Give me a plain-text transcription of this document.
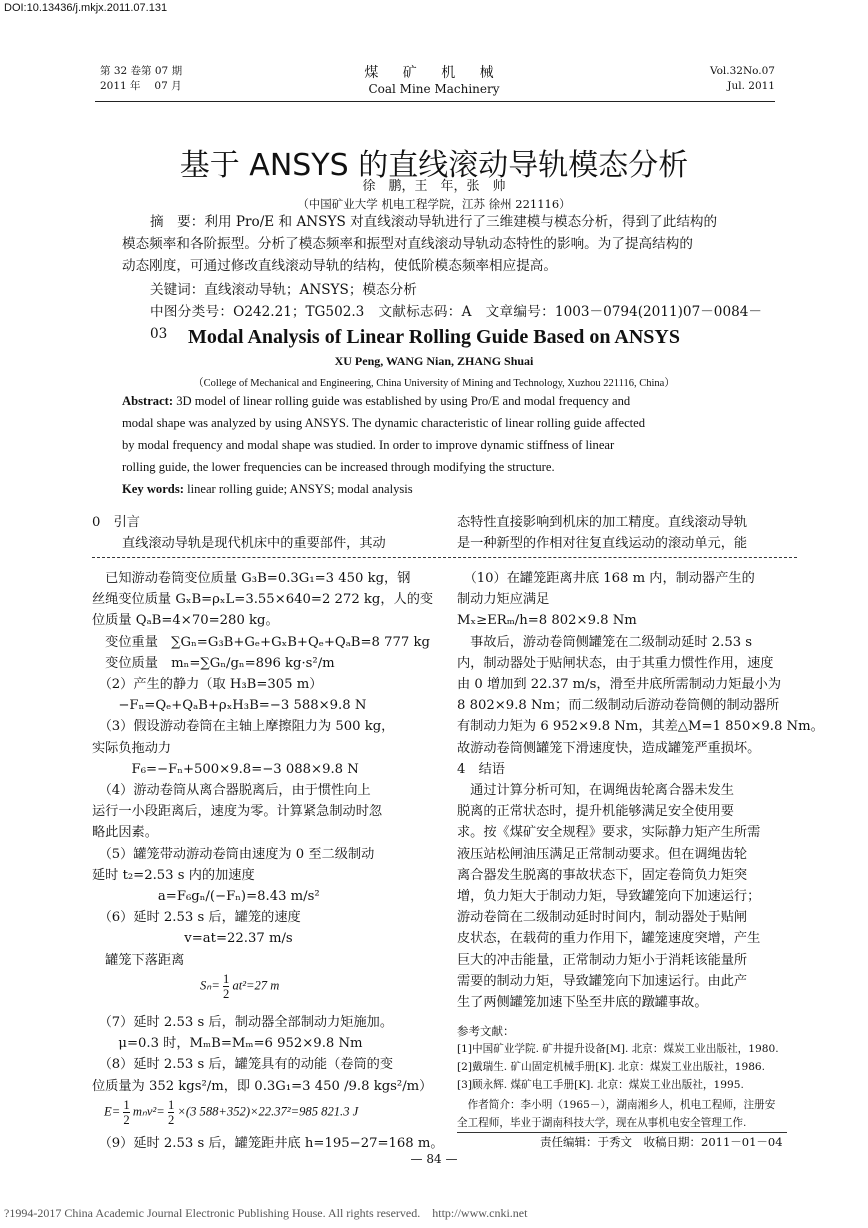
DOI:10.13436/j.mkjx.2011.07.131
第 32 卷第 07 期
2011 年　 07 月
煤 矿 机 械
Coal Mine Machinery
Vol.32No.07
Jul. 2011
基于 ANSYS 的直线滚动导轨模态分析
徐　鹏，王　年，张　帅
（中国矿业大学 机电工程学院，江苏 徐州 221116）
摘　要：利用 Pro/E 和 ANSYS 对直线滚动导轨进行了三维建模与模态分析，得到了此结构的
模态频率和各阶振型。分析了模态频率和振型对直线滚动导轨动态特性的影响。为了提高结构的
动态刚度，可通过修改直线滚动导轨的结构，使低阶模态频率相应提高。
关键词：直线滚动导轨；ANSYS；模态分析
中图分类号：O242.21；TG502.3　文献标志码：A　文章编号：1003－0794(2011)07－0084－03	Modal Analysis of Linear Rolling Guide Based on ANSYS
XU Peng, WANG Nian, ZHANG Shuai
（College of Mechanical and Engineering, China University of Mining and Technology, Xuzhou 221116, China）
Abstract: 3D model of linear rolling guide was established by using Pro/E and modal frequency and
modal shape was analyzed by using ANSYS. The dynamic characteristic of linear rolling guide affected
by modal frequency and modal shape was studied. In order to improve dynamic stiffness of linear
rolling guide, the lower frequencies can be increased through modifying the structure.
Key words: linear rolling guide; ANSYS; modal analysis
0　引言
直线滚动导轨是现代机床中的重要部件，其动
态特性直接影响到机床的加工精度。直线滚动导轨
是一种新型的作相对往复直线运动的滚动单元，能
　已知游动卷筒变位质量 G₃B=0.3G₁=3 450 kg，钢
丝绳变位质量 GₓB=ρₓL=3.55×640=2 272 kg，人的变
位质量 QₐB=4×70=280 kg。
　变位重量　∑Gₙ=G₃B+Gₑ+GₓB+Qₑ+QₐB=8 777 kg
　变位质量　mₙ=∑Gₙ/gₙ=896 kg·s²/m
　（2）产生的静力（取 H₃B=305 m）
　　−Fₙ=Qₑ+QₐB+ρₓH₃B=−3 588×9.8 N
　（3）假设游动卷筒在主轴上摩擦阻力为 500 kg，
实际负拖动力
　　　F₆=−Fₙ+500×9.8=−3 088×9.8 N
　（4）游动卷筒从离合器脱离后，由于惯性向上
运行一小段距离后，速度为零。计算紧急制动时忽
略此因素。
　（5）罐笼带动游动卷筒由速度为 0 至二级制动
延时 t₂=2.53 s 内的加速度
　　　　　a=F₆gₙ/(−Fₙ)=8.43 m/s²
　（6）延时 2.53 s 后，罐笼的速度
　　　　　　　v=at=22.37 m/s
　罐笼下落距离
$S_n= \frac{1}{2} at^2=27$ m
　（7）延时 2.53 s 后，制动器全部制动力矩施加。
　　μ=0.3 时，MₘB=Mₘ=6 952×9.8 Nm
　（8）延时 2.53 s 后，罐笼具有的动能（卷筒的变
位质量为 352 kgs²/m，即 0.3G₁=3 450 /9.8 kgs²/m）
$E= \frac{1}{2} m_nv^2= \frac{1}{2} \times(3$ 588+352)×22.37²=985 821.3 J
　（9）延时 2.53 s 后，罐笼距井底 h=195−27=168 m。
　（10）在罐笼距离井底 168 m 内，制动器产生的
制动力矩应满足
Mₓ≥ERₘ/h=8 802×9.8 Nm
　事故后，游动卷筒侧罐笼在二级制动延时 2.53 s
内，制动器处于贴闸状态，由于其重力惯性作用，速度
由 0 增加到 22.37 m/s，滑至井底所需制动力矩最小为
8 802×9.8 Nm；而二级制动后游动卷筒侧的制动器所
有制动力矩为 6 952×9.8 Nm，其差△M=1 850×9.8 Nm。
故游动卷筒侧罐笼下滑速度快，造成罐笼严重损坏。
4　结语
　通过计算分析可知，在调绳齿轮离合器未发生
脱离的正常状态时，提升机能够满足安全使用要
求。按《煤矿安全规程》要求，实际静力矩产生所需
液压站松闸油压满足正常制动要求。但在调绳齿轮
离合器发生脱离的事故状态下，固定卷筒负力矩突
增，负力矩大于制动力矩，导致罐笼向下加速运行；
游动卷筒在二级制动延时时间内，制动器处于贴闸
皮状态，在载荷的重力作用下，罐笼速度突增，产生
巨大的冲击能量，正常制动力矩小于消耗该能量所
需要的制动力矩，导致罐笼向下加速运行。由此产
生了两侧罐笼加速下坠至井底的蹾罐事故。
参考文献：
[1]中国矿业学院. 矿井提升设备[M]. 北京：煤炭工业出版社，1980.
[2]戴瑞生. 矿山固定机械手册[K]. 北京：煤炭工业出版社，1986.
[3]顾永辉. 煤矿电工手册[K]. 北京：煤炭工业出版社，1995.
　作者简介：李小明（1965－），湖南湘乡人，机电工程师，注册安
全工程师，毕业于湖南科技大学，现在从事机电安全管理工作.
责任编辑：于秀文　收稿日期：2011－01－04
— 84 —
?1994-2017 China Academic Journal Electronic Publishing House. All rights reserved.　http://www.cnki.net
